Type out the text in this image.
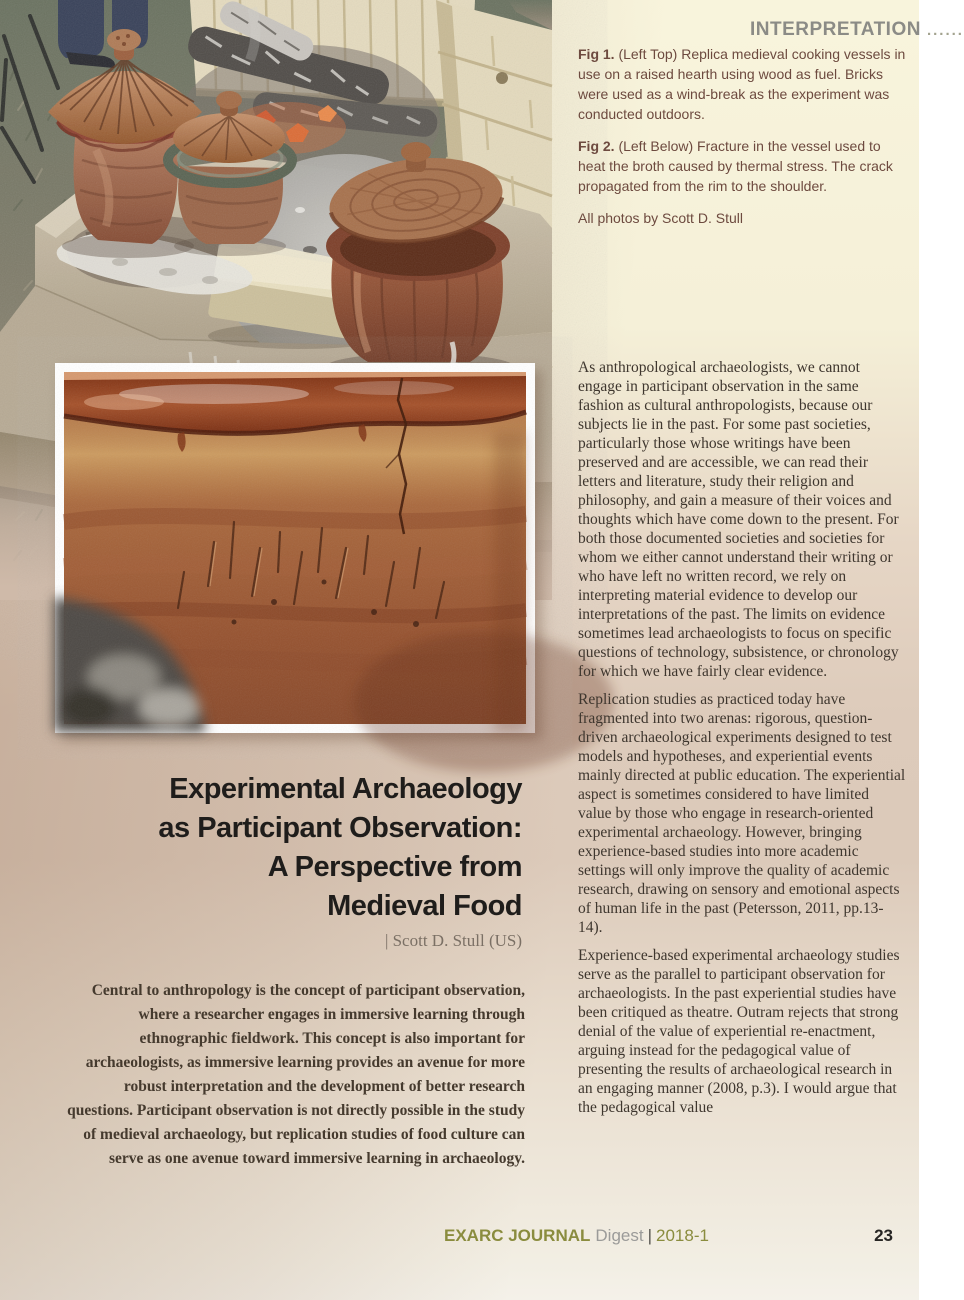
INTERPRETATION ......

Fig 1. (Left Top) Replica medieval cooking vessels in use on a raised hearth using wood as fuel. Bricks were used as a wind-break as the experiment was conducted outdoors.

Fig 2. (Left Below) Fracture in the vessel used to heat the broth caused by thermal stress. The crack propagated from the rim to the shoulder.

All photos by Scott D. Stull

Experimental Archaeology
as Participant Observation:
A Perspective from
Medieval Food
| Scott D. Stull (US)
Central to anthropology is the concept of participant observation, where a researcher engages in immersive learning through ethnographic fieldwork. This concept is also important for archaeologists, as immersive learning provides an avenue for more robust interpretation and the development of better research questions. Participant observation is not directly possible in the study of medieval archaeology, but replication studies of food culture can serve as one avenue toward immersive learning in archaeology.

As anthropological archaeologists, we cannot engage in participant observation in the same fashion as cultural anthropologists, because our subjects lie in the past. For some past societies, particularly those whose writings have been preserved and are accessible, we can read their letters and literature, study their religion and philosophy, and gain a measure of their voices and thoughts which have come down to the present. For both those documented societies and societies for whom we either cannot understand their writing or who have left no written record, we rely on interpreting material evidence to develop our interpretations of the past. The limits on evidence sometimes lead archaeologists to focus on specific questions of technology, subsistence, or chronology for which we have fairly clear evidence.

Replication studies as practiced today have fragmented into two arenas: rigorous, question-driven archaeological experiments designed to test models and hypotheses, and experiential events mainly directed at public education. The experiential aspect is sometimes considered to have limited value by those who engage in research-oriented experimental archaeology. However, bringing experience-based studies into more academic settings will only improve the quality of academic research, drawing on sensory and emotional aspects of human life in the past (Petersson, 2011, pp.13-14).

Experience-based experimental archaeology studies serve as the parallel to participant observation for archaeologists. In the past experiential studies have been critiqued as theatre. Outram rejects that strong denial of the value of experiential re-enactment, arguing instead for the pedagogical value of presenting the results of archaeological research in an engaging manner (2008, p.3). I would argue that the pedagogical value

EXARC JOURNAL Digest | 2018-1	23
